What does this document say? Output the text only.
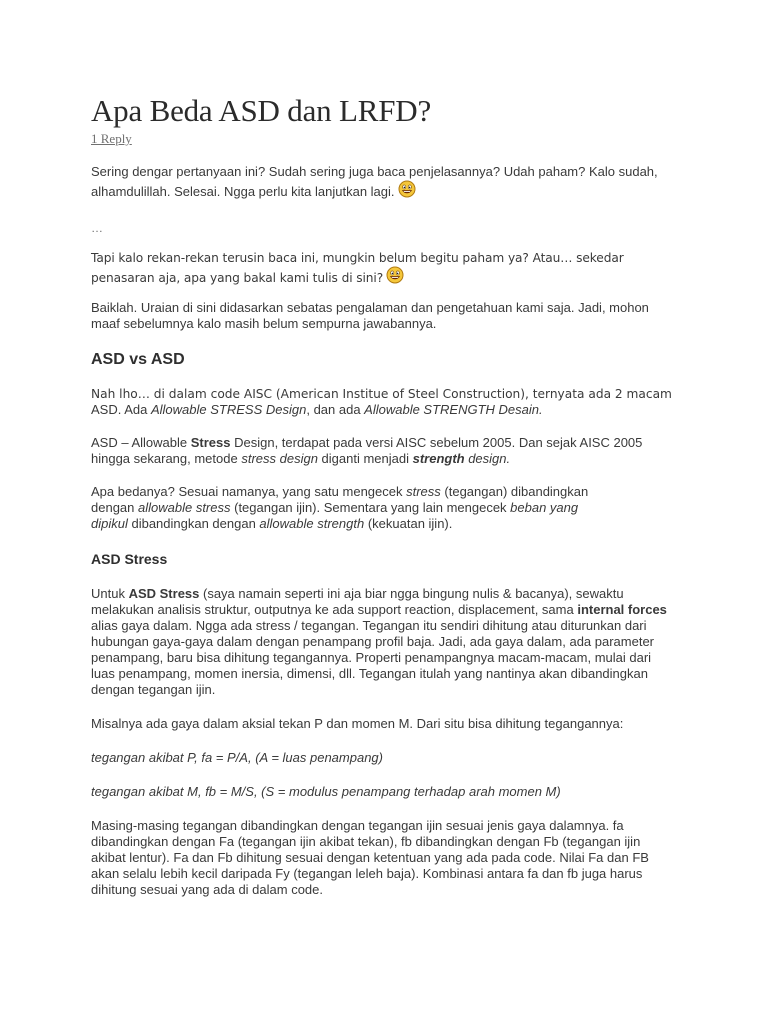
Apa Beda ASD dan LRFD?
1 Reply

Sering dengar pertanyaan ini? Sudah sering juga baca penjelasannya? Udah paham? Kalo sudah, alhamdulillah. Selesai. Ngga perlu kita lanjutkan lagi.

…

Tapi kalo rekan-rekan terusin baca ini, mungkin belum begitu paham ya? Atau… sekedar penasaran aja, apa yang bakal kami tulis di sini?

Baiklah. Uraian di sini didasarkan sebatas pengalaman dan pengetahuan kami saja. Jadi, mohon maaf sebelumnya kalo masih belum sempurna jawabannya.

ASD vs ASD

Nah lho… di dalam code AISC (American Institue of Steel Construction), ternyata ada 2 macam
ASD. Ada Allowable STRESS Design, dan ada Allowable STRENGTH Desain.

ASD – Allowable Stress Design, terdapat pada versi AISC sebelum 2005. Dan sejak AISC 2005 hingga sekarang, metode stress design diganti menjadi strength design.

Apa bedanya? Sesuai namanya, yang satu mengecek stress (tegangan) dibandingkan dengan allowable stress (tegangan ijin). Sementara yang lain mengecek beban yang dipikul dibandingkan dengan allowable strength (kekuatan ijin).

ASD Stress

Untuk ASD Stress (saya namain seperti ini aja biar ngga bingung nulis & bacanya), sewaktu melakukan analisis struktur, outputnya ke ada support reaction, displacement, sama internal forces alias gaya dalam. Ngga ada stress / tegangan. Tegangan itu sendiri dihitung atau diturunkan dari hubungan gaya-gaya dalam dengan penampang profil baja. Jadi, ada gaya dalam, ada parameter penampang, baru bisa dihitung tegangannya. Properti penampangnya macam-macam, mulai dari luas penampang, momen inersia, dimensi, dll. Tegangan itulah yang nantinya akan dibandingkan dengan tegangan ijin.

Misalnya ada gaya dalam aksial tekan P dan momen M. Dari situ bisa dihitung tegangannya:

tegangan akibat P, fa = P/A, (A = luas penampang)

tegangan akibat M, fb = M/S, (S = modulus penampang terhadap arah momen M)

Masing-masing tegangan dibandingkan dengan tegangan ijin sesuai jenis gaya dalamnya. fa dibandingkan dengan Fa (tegangan ijin akibat tekan), fb dibandingkan dengan Fb (tegangan ijin akibat lentur). Fa dan Fb dihitung sesuai dengan ketentuan yang ada pada code. Nilai Fa dan FB akan selalu lebih kecil daripada Fy (tegangan leleh baja). Kombinasi antara fa dan fb juga harus dihitung sesuai yang ada di dalam code.
